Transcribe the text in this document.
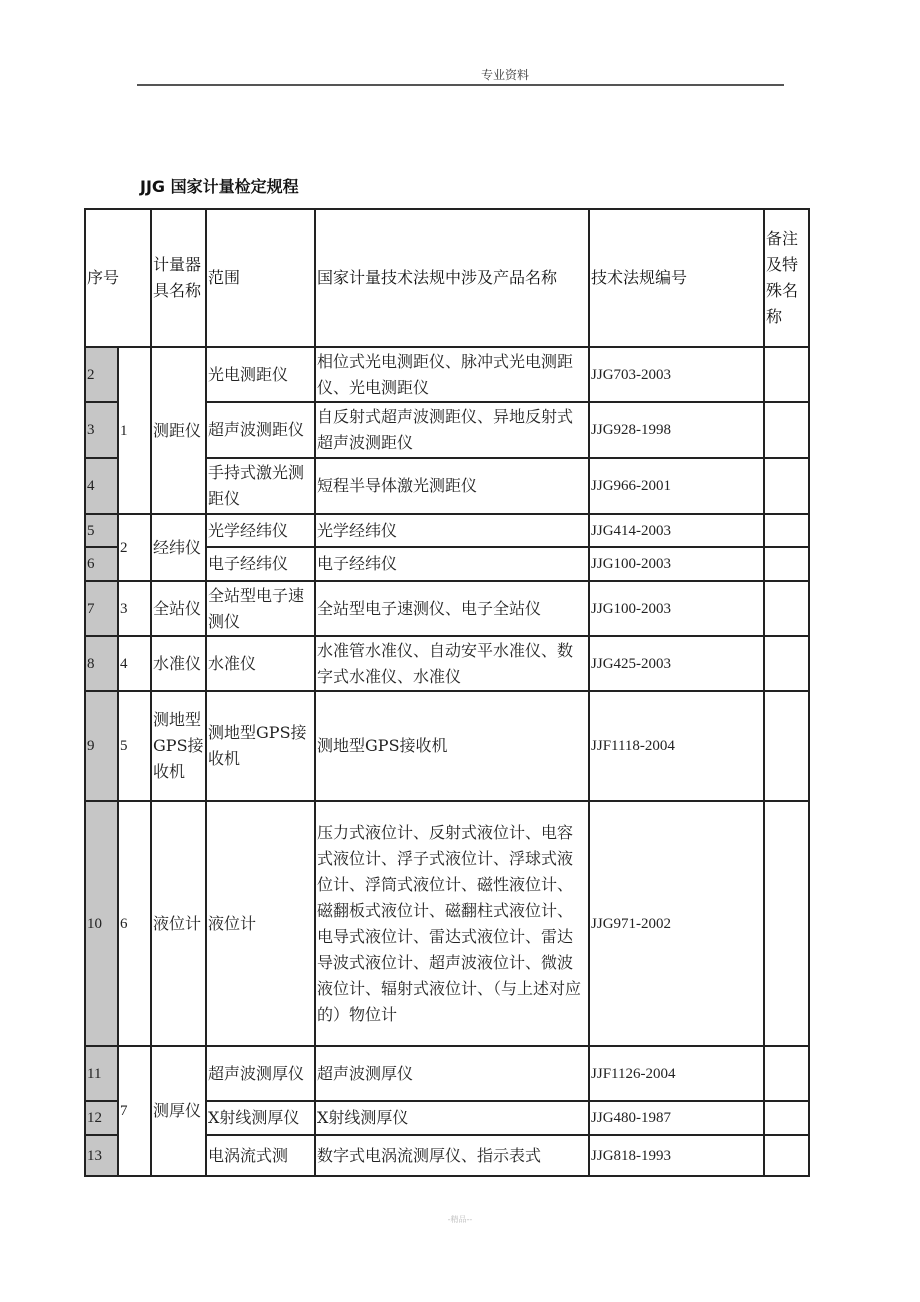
专业资料
JJG 国家计量检定规程
序号		计量器具名称	范围	国家计量技术法规中涉及产品名称	技术法规编号	备注及特殊名称
2	1	测距仪	光电测距仪	相位式光电测距仪、脉冲式光电测距仪、光电测距仪	JJG703-2003	
3			超声波测距仪	自反射式超声波测距仪、异地反射式超声波测距仪	JJG928-1998	
4			手持式激光测距仪	短程半导体激光测距仪	JJG966-2001	
5	2	经纬仪	光学经纬仪	光学经纬仪	JJG414-2003	
6			电子经纬仪	电子经纬仪	JJG100-2003	
7	3	全站仪	全站型电子速测仪	全站型电子速测仪、电子全站仪	JJG100-2003	
8	4	水准仪	水准仪	水准管水准仪、自动安平水准仪、数字式水准仪、水准仪	JJG425-2003	
9	5	测地型GPS接收机	测地型GPS接收机	测地型GPS接收机	JJF1118-2004	
10	6	液位计	液位计	压力式液位计、反射式液位计、电容式液位计、浮子式液位计、浮球式液位计、浮筒式液位计、磁性液位计、磁翻板式液位计、磁翻柱式液位计、电导式液位计、雷达式液位计、雷达导波式液位计、超声波液位计、微波液位计、辐射式液位计、（与上述对应的）物位计	JJG971-2002	
11	7	测厚仪	超声波测厚仪	超声波测厚仪	JJF1126-2004	
12			X射线测厚仪	X射线测厚仪	JJG480-1987	
13			电涡流式测	数字式电涡流测厚仪、指示表式	JJG818-1993	
-精品--
